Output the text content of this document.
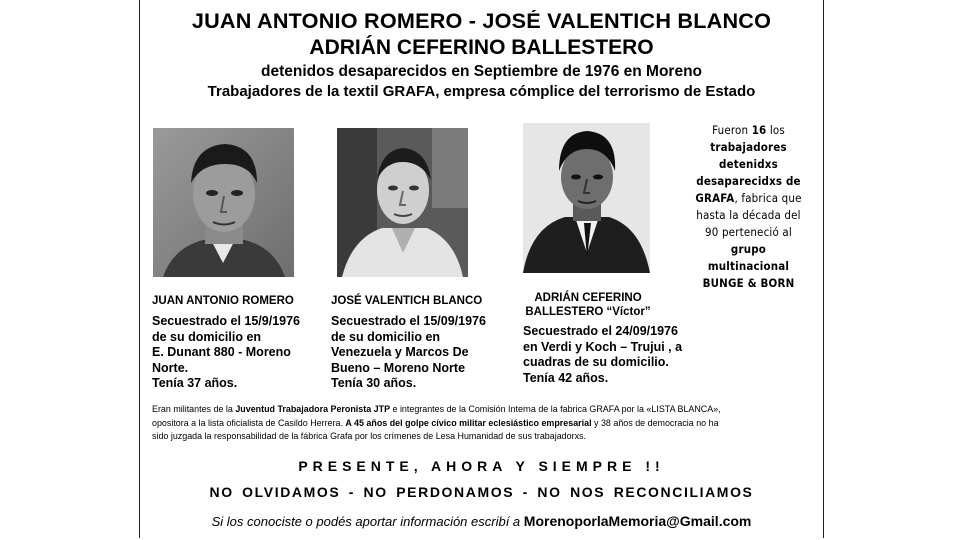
JUAN ANTONIO ROMERO - JOSÉ VALENTICH BLANCO
ADRIÁN CEFERINO BALLESTERO
detenidos desaparecidos en Septiembre de 1976 en Moreno
Trabajadores de la textil GRAFA, empresa cómplice del terrorismo de Estado
Fueron 16 los
trabajadores
detenidxs
desaparecidxs de
GRAFA, fabrica que
hasta la década del
90 perteneció al
grupo multinacional
BUNGE & BORN
JUAN ANTONIO ROMERO
Secuestrado el 15/9/1976
de su domicilio en
E. Dunant 880 - Moreno
Norte.
Tenía 37 años.
JOSÉ VALENTICH BLANCO
Secuestrado el 15/09/1976
de su domicilio en
Venezuela y Marcos De
Bueno – Moreno Norte
Tenía 30 años.
ADRIÁN CEFERINO
BALLESTERO “Víctor”
Secuestrado el 24/09/1976
en Verdi y Koch – Trujui , a
cuadras de su domicilio.
Tenía 42 años.
Eran militantes de la Juventud Trabajadora Peronista JTP e integrantes de la Comisión Interna de la fabrica GRAFA por la «LISTA BLANCA»,
opositora a la lista oficialista de Casildo Herrera. A 45 años del golpe cívico militar eclesiástico empresarial y 38 años de democracia no ha
sido juzgada la responsabilidad de la fábrica Grafa por los crímenes de Lesa Humanidad de sus trabajadorxs.
PRESENTE, AHORA Y SIEMPRE !!
NO OLVIDAMOS - NO PERDONAMOS - NO NOS RECONCILIAMOS
Si los conociste o podés aportar información escribí a MorenoporlaMemoria@Gmail.com
